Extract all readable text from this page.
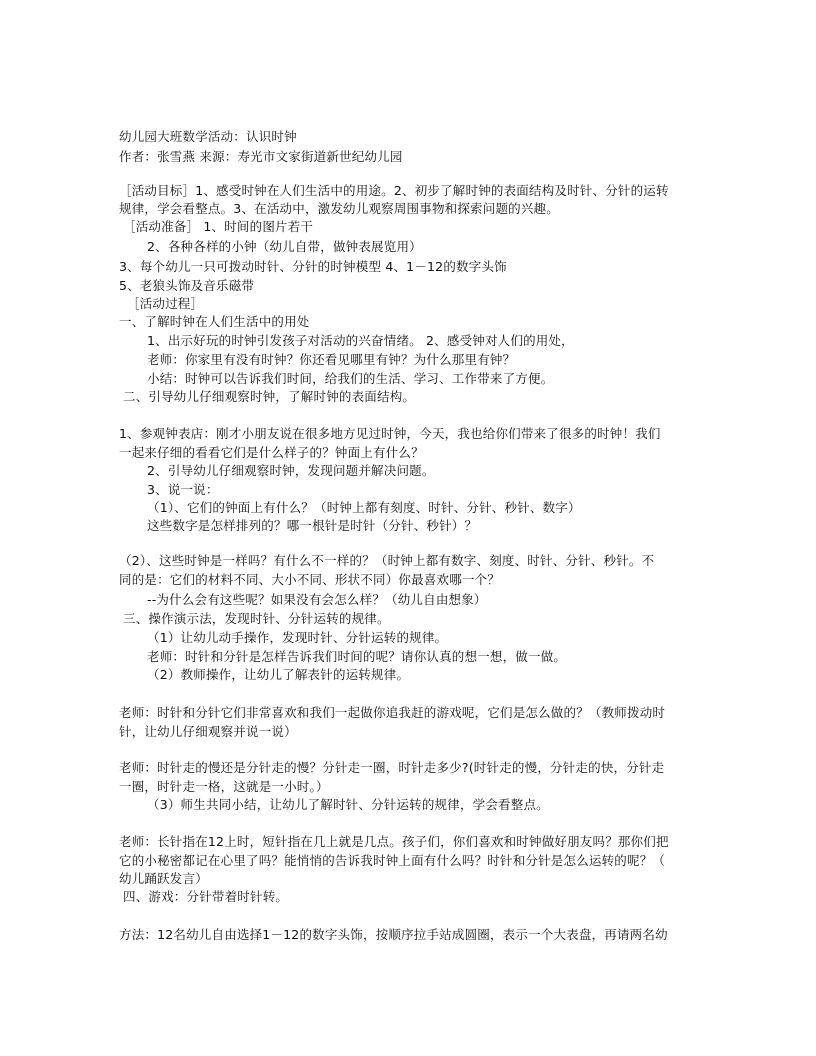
幼儿园大班数学活动：认识时钟
作者：张雪燕 来源：寿光市文家街道新世纪幼儿园
［活动目标］1、感受时钟在人们生活中的用途。2、初步了解时钟的表面结构及时针、分针的运转
规律，学会看整点。3、在活动中，激发幼儿观察周围事物和探索问题的兴趣。
［活动准备］ 1、时间的图片若干
2、各种各样的小钟（幼儿自带，做钟表展览用）
3、每个幼儿一只可拨动时针、分针的时钟模型 4、1－12的数字头饰
5、老狼头饰及音乐磁带
［活动过程］
一、了解时钟在人们生活中的用处
1、出示好玩的时钟引发孩子对活动的兴奋情绪。 2、感受钟对人们的用处，
老师：你家里有没有时钟？你还看见哪里有钟？为什么那里有钟？
小结：时钟可以告诉我们时间，给我们的生活、学习、工作带来了方便。
二、引导幼儿仔细观察时钟，了解时钟的表面结构。
1、参观钟表店：刚才小朋友说在很多地方见过时钟，今天，我也给你们带来了很多的时钟！我们
一起来仔细的看看它们是什么样子的？钟面上有什么？
2、引导幼儿仔细观察时钟，发现问题并解决问题。
3、说一说：
（1）、它们的钟面上有什么？（时钟上都有刻度、时针、分针、秒针、数字）
这些数字是怎样排列的？哪一根针是时针（分针、秒针）？
（2）、这些时钟是一样吗？有什么不一样的？（时钟上都有数字、刻度、时针、分针、秒针。不
同的是：它们的材料不同、大小不同、形状不同）你最喜欢哪一个？
--为什么会有这些呢？如果没有会怎么样？（幼儿自由想象）
三、操作演示法，发现时针、分针运转的规律。
（1）让幼儿动手操作，发现时针、分针运转的规律。
老师：时针和分针是怎样告诉我们时间的呢？请你认真的想一想，做一做。
（2）教师操作，让幼儿了解表针的运转规律。
老师：时针和分针它们非常喜欢和我们一起做你追我赶的游戏呢，它们是怎么做的？（教师拨动时
针，让幼儿仔细观察并说一说）
老师：时针走的慢还是分针走的慢？分针走一圈，时针走多少?(时针走的慢，分针走的快，分针走
一圈，时针走一格，这就是一小时。）
（3）师生共同小结，让幼儿了解时针、分针运转的规律，学会看整点。
老师：长针指在12上时，短针指在几上就是几点。孩子们，你们喜欢和时钟做好朋友吗？那你们把
它的小秘密都记在心里了吗？能悄悄的告诉我时钟上面有什么吗？时针和分针是怎么运转的呢？（
幼儿踊跃发言）
四、游戏：分针带着时针转。
方法：12名幼儿自由选择1－12的数字头饰，按顺序拉手站成圆圈，表示一个大表盘，再请两名幼
